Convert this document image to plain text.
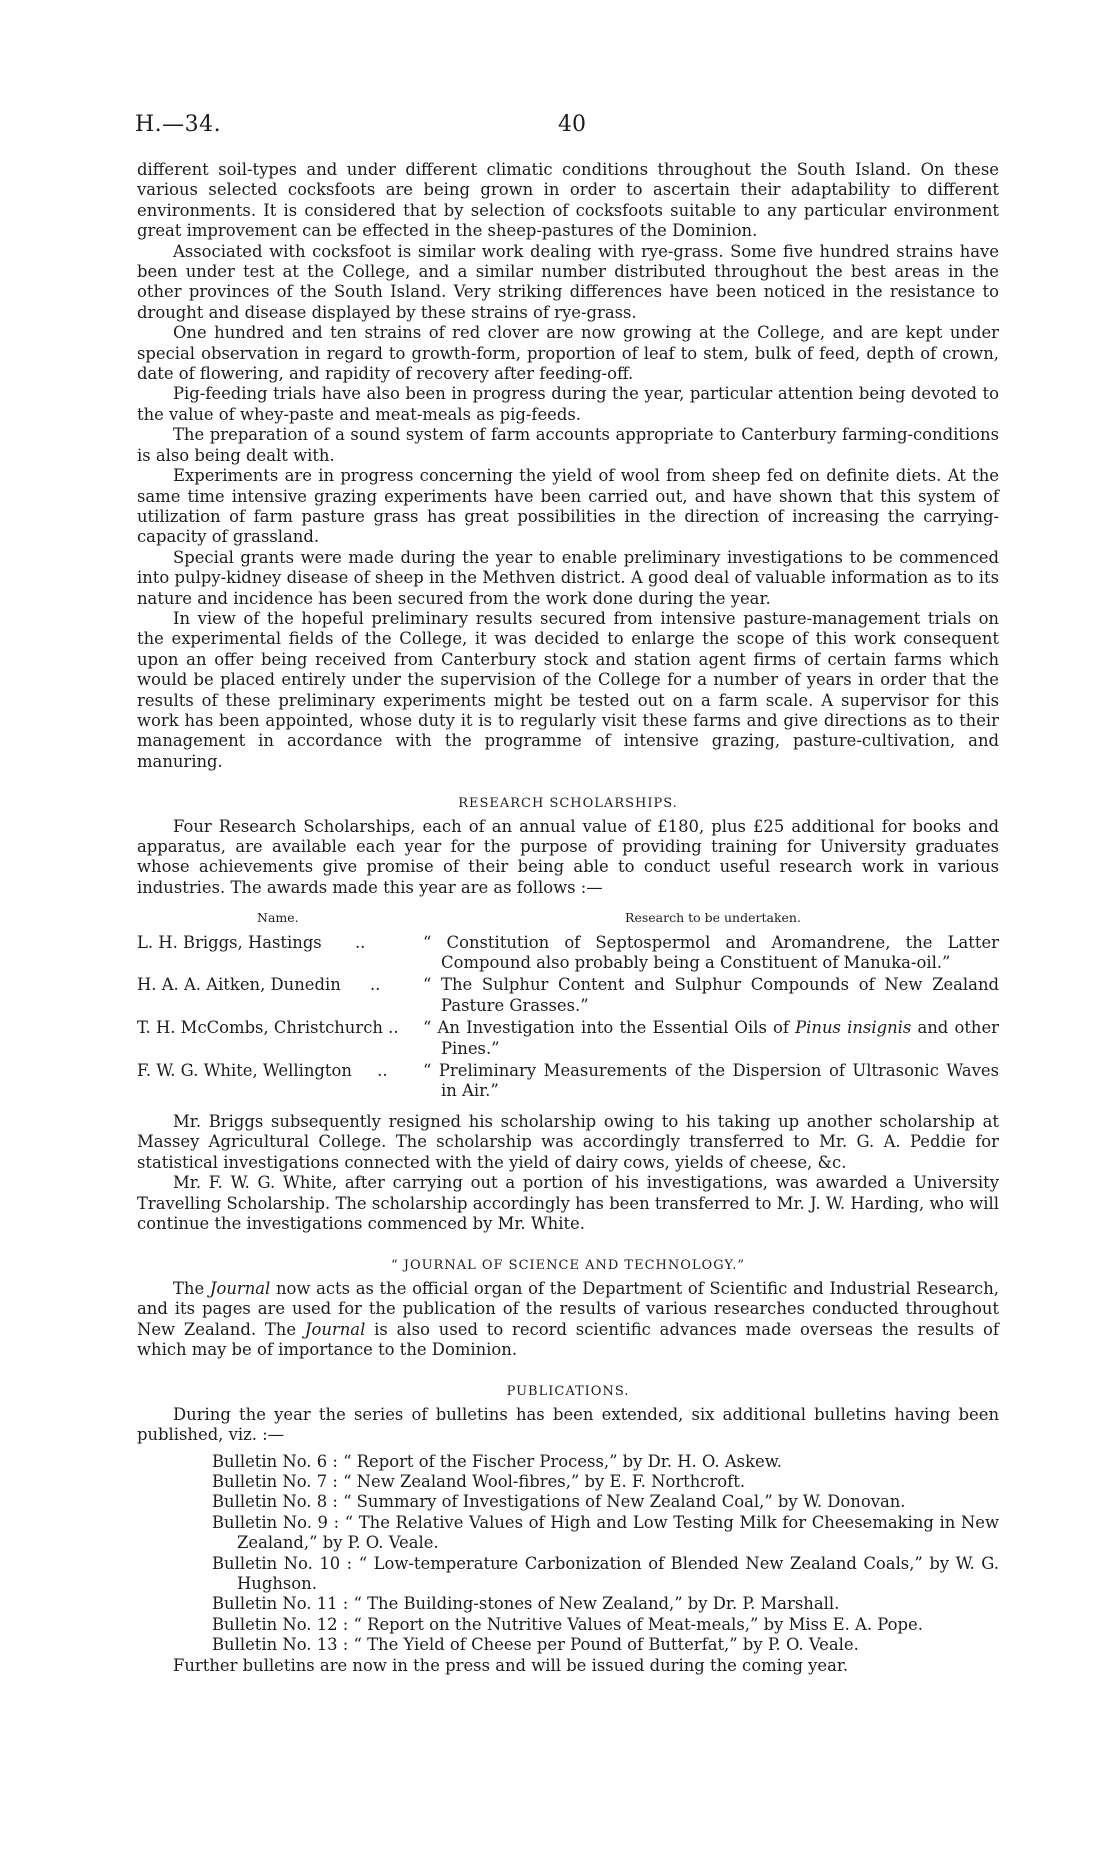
H.—34.	40

different soil-types and under different climatic conditions throughout the South Island. On these various selected cocksfoots are being grown in order to ascertain their adaptability to different environments. It is considered that by selection of cocksfoots suitable to any particular environment great improvement can be effected in the sheep-pastures of the Dominion.

Associated with cocksfoot is similar work dealing with rye-grass. Some five hundred strains have been under test at the College, and a similar number distributed throughout the best areas in the other provinces of the South Island. Very striking differences have been noticed in the resistance to drought and disease displayed by these strains of rye-grass.

One hundred and ten strains of red clover are now growing at the College, and are kept under special observation in regard to growth-form, proportion of leaf to stem, bulk of feed, depth of crown, date of flowering, and rapidity of recovery after feeding-off.

Pig-feeding trials have also been in progress during the year, particular attention being devoted to the value of whey-paste and meat-meals as pig-feeds.

The preparation of a sound system of farm accounts appropriate to Canterbury farming-conditions is also being dealt with.

Experiments are in progress concerning the yield of wool from sheep fed on definite diets. At the same time intensive grazing experiments have been carried out, and have shown that this system of utilization of farm pasture grass has great possibilities in the direction of increasing the carrying-capacity of grassland.

Special grants were made during the year to enable preliminary investigations to be commenced into pulpy-kidney disease of sheep in the Methven district. A good deal of valuable information as to its nature and incidence has been secured from the work done during the year.

In view of the hopeful preliminary results secured from intensive pasture-management trials on the experimental fields of the College, it was decided to enlarge the scope of this work consequent upon an offer being received from Canterbury stock and station agent firms of certain farms which would be placed entirely under the supervision of the College for a number of years in order that the results of these preliminary experiments might be tested out on a farm scale. A supervisor for this work has been appointed, whose duty it is to regularly visit these farms and give directions as to their management in accordance with the programme of intensive grazing, pasture-cultivation, and manuring.

RESEARCH SCHOLARSHIPS.

Four Research Scholarships, each of an annual value of £180, plus £25 additional for books and apparatus, are available each year for the purpose of providing training for University graduates whose achievements give promise of their being able to conduct useful research work in various industries. The awards made this year are as follows :—

Name.	Research to be undertaken.
L. H. Briggs, Hastings ..	“ Constitution of Septospermol and Aromandrene, the Latter Compound also probably being a Constituent of Manuka-oil.”
H. A. A. Aitken, Dunedin ..	“ The Sulphur Content and Sulphur Compounds of New Zealand Pasture Grasses.”
T. H. McCombs, Christchurch ..	“ An Investigation into the Essential Oils of Pinus insignis and other Pines.”
F. W. G. White, Wellington ..	“ Preliminary Measurements of the Dispersion of Ultrasonic Waves in Air.”

Mr. Briggs subsequently resigned his scholarship owing to his taking up another scholarship at Massey Agricultural College. The scholarship was accordingly transferred to Mr. G. A. Peddie for statistical investigations connected with the yield of dairy cows, yields of cheese, &c.

Mr. F. W. G. White, after carrying out a portion of his investigations, was awarded a University Travelling Scholarship. The scholarship accordingly has been transferred to Mr. J. W. Harding, who will continue the investigations commenced by Mr. White.

“ JOURNAL OF SCIENCE AND TECHNOLOGY.”

The Journal now acts as the official organ of the Department of Scientific and Industrial Research, and its pages are used for the publication of the results of various researches conducted throughout New Zealand. The Journal is also used to record scientific advances made overseas the results of which may be of importance to the Dominion.

PUBLICATIONS.

During the year the series of bulletins has been extended, six additional bulletins having been published, viz. :—

Bulletin No. 6 : “ Report of the Fischer Process,” by Dr. H. O. Askew.

Bulletin No. 7 : “ New Zealand Wool-fibres,” by E. F. Northcroft.

Bulletin No. 8 : “ Summary of Investigations of New Zealand Coal,” by W. Donovan.

Bulletin No. 9 : “ The Relative Values of High and Low Testing Milk for Cheesemaking in New Zealand,” by P. O. Veale.

Bulletin No. 10 : “ Low-temperature Carbonization of Blended New Zealand Coals,” by W. G. Hughson.

Bulletin No. 11 : “ The Building-stones of New Zealand,” by Dr. P. Marshall.

Bulletin No. 12 : “ Report on the Nutritive Values of Meat-meals,” by Miss E. A. Pope.

Bulletin No. 13 : “ The Yield of Cheese per Pound of Butterfat,” by P. O. Veale.

Further bulletins are now in the press and will be issued during the coming year.
